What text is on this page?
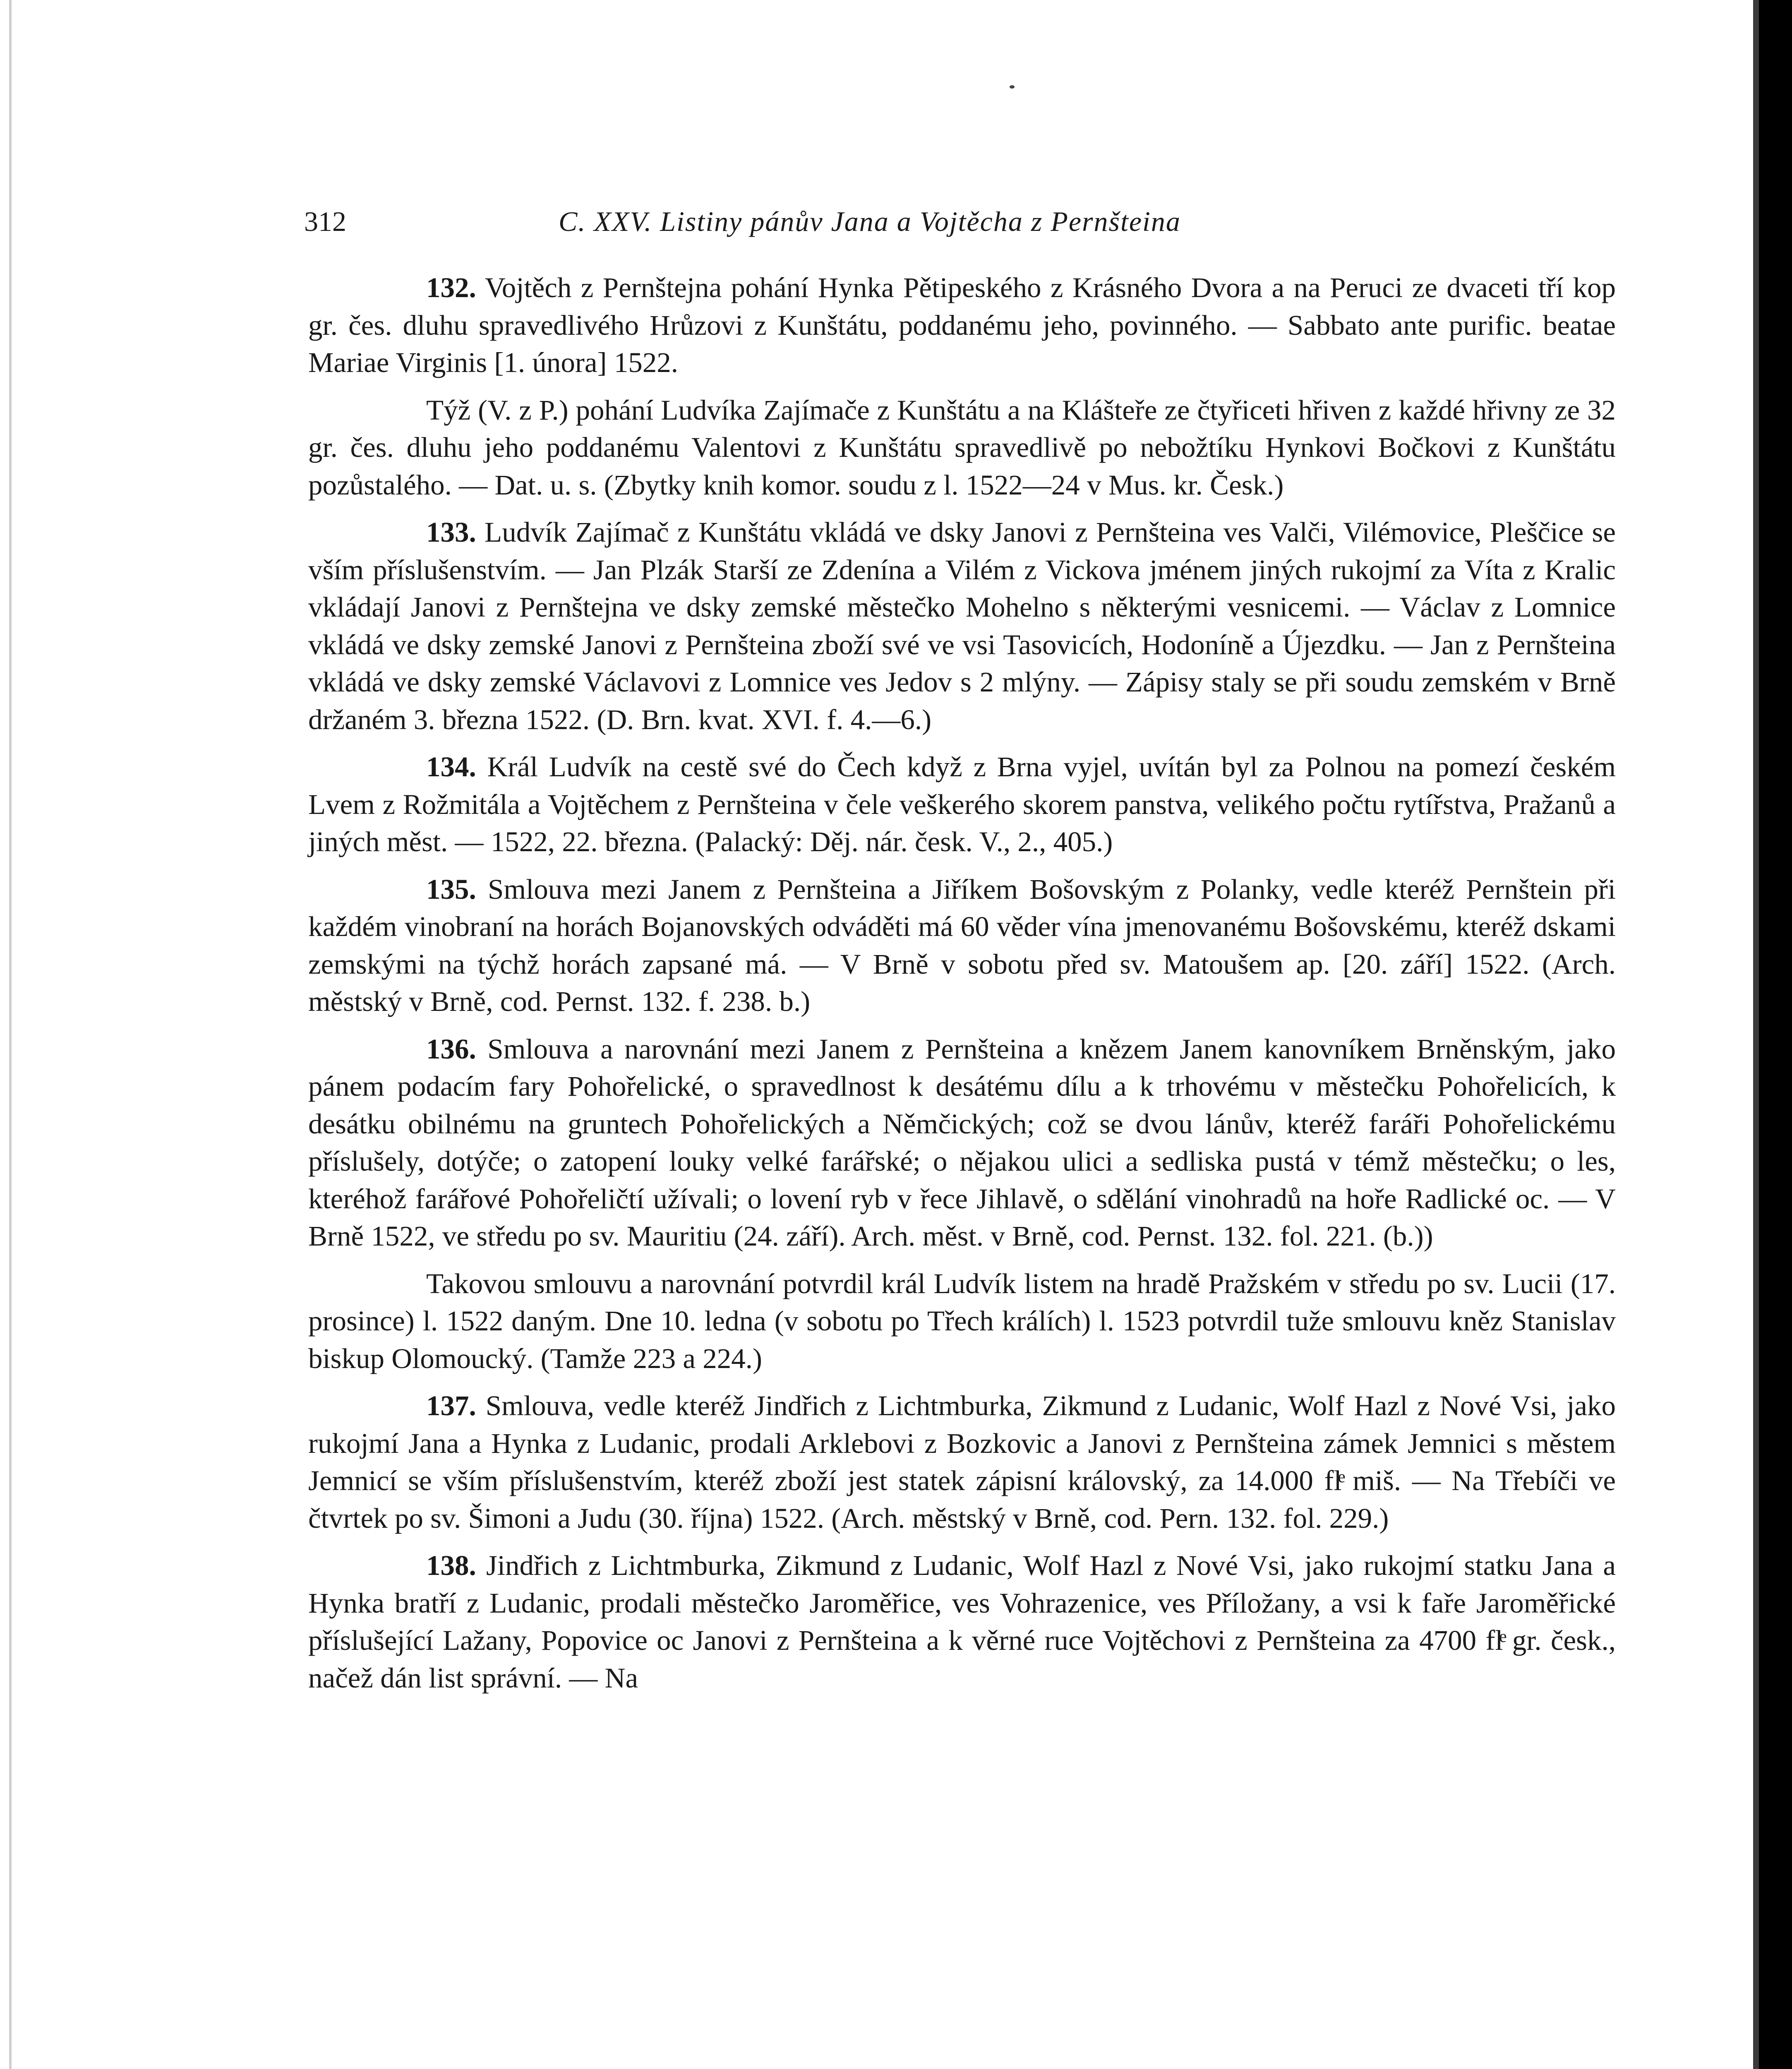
312	C. XXV. Listiny pánův Jana a Vojtěcha z Pernšteina

132. Vojtěch z Pernštejna pohání Hynka Pětipeského z Krásného Dvora a na Peruci ze dvaceti tří kop gr. čes. dluhu spravedlivého Hrůzovi z Kunštátu, poddanému jeho, povinného. — Sabbato ante purific. beatae Mariae Virginis [1. února] 1522.

Týž (V. z P.) pohání Ludvíka Zajímače z Kunštátu a na Klášteře ze čtyřiceti hřiven z každé hřivny ze 32 gr. čes. dluhu jeho poddanému Valentovi z Kunštátu spravedlivě po nebožtíku Hynkovi Bočkovi z Kunštátu pozůstalého. — Dat. u. s. (Zbytky knih komor. soudu z l. 1522—24 v Mus. kr. Česk.)

133. Ludvík Zajímač z Kunštátu vkládá ve dsky Janovi z Pernšteina ves Valči, Vilémovice, Pleščice se vším příslušenstvím. — Jan Plzák Starší ze Zdenína a Vilém z Vickova jménem jiných rukojmí za Víta z Kralic vkládají Janovi z Pernštejna ve dsky zemské městečko Mohelno s některými vesnicemi. — Václav z Lomnice vkládá ve dsky zemské Janovi z Pernšteina zboží své ve vsi Tasovicích, Hodoníně a Újezdku. — Jan z Pernšteina vkládá ve dsky zemské Václavovi z Lomnice ves Jedov s 2 mlýny. — Zápisy staly se při soudu zemském v Brně držaném 3. března 1522. (D. Brn. kvat. XVI. f. 4.—6.)

134. Král Ludvík na cestě své do Čech když z Brna vyjel, uvítán byl za Polnou na pomezí českém Lvem z Rožmitála a Vojtěchem z Pernšteina v čele veškerého skorem panstva, velikého počtu rytířstva, Pražanů a jiných měst. — 1522, 22. března. (Palacký: Děj. nár. česk. V., 2., 405.)

135. Smlouva mezi Janem z Pernšteina a Jiříkem Bošovským z Polanky, vedle kteréž Pernštein při každém vinobraní na horách Bojanovských odváděti má 60 věder vína jmenovanému Bošovskému, kteréž dskami zemskými na týchž horách zapsané má. — V Brně v sobotu před sv. Matoušem ap. [20. září] 1522. (Arch. městský v Brně, cod. Pernst. 132. f. 238. b.)

136. Smlouva a narovnání mezi Janem z Pernšteina a knězem Janem kanovníkem Brněnským, jako pánem podacím fary Pohořelické, o spravedlnost k desátému dílu a k trhovému v městečku Pohořelicích, k desátku obilnému na gruntech Pohořelických a Němčických; což se dvou lánův, kteréž faráři Pohořelickému příslušely, dotýče; o zatopení louky velké farářské; o nějakou ulici a sedliska pustá v témž městečku; o les, kteréhož farářové Pohořeličtí užívali; o lovení ryb v řece Jihlavě, o sdělání vinohradů na hoře Radlické oc. — V Brně 1522, ve středu po sv. Mauritiu (24. září). Arch. měst. v Brně, cod. Pernst. 132. fol. 221. (b.))

Takovou smlouvu a narovnání potvrdil král Ludvík listem na hradě Pražském v středu po sv. Lucii (17. prosince) l. 1522 daným. Dne 10. ledna (v sobotu po Třech králích) l. 1523 potvrdil tuže smlouvu kněz Stanislav biskup Olomoucký. (Tamže 223 a 224.)

137. Smlouva, vedle kteréž Jindřich z Lichtmburka, Zikmund z Ludanic, Wolf Hazl z Nové Vsi, jako rukojmí Jana a Hynka z Ludanic, prodali Arklebovi z Bozkovic a Janovi z Pernšteina zámek Jemnici s městem Jemnicí se vším příslušenstvím, kteréž zboží jest statek zápisní královský, za 14.000 flͤ miš. — Na Třebíči ve čtvrtek po sv. Šimoni a Judu (30. října) 1522. (Arch. městský v Brně, cod. Pern. 132. fol. 229.)

138. Jindřich z Lichtmburka, Zikmund z Ludanic, Wolf Hazl z Nové Vsi, jako rukojmí statku Jana a Hynka bratří z Ludanic, prodali městečko Jaroměřice, ves Vohrazenice, ves Příložany, a vsi k faře Jaroměřické příslušející Lažany, Popovice oc Janovi z Pernšteina a k věrné ruce Vojtěchovi z Pernšteina za 4700 flͤ gr. česk., načež dán list správní. — Na
